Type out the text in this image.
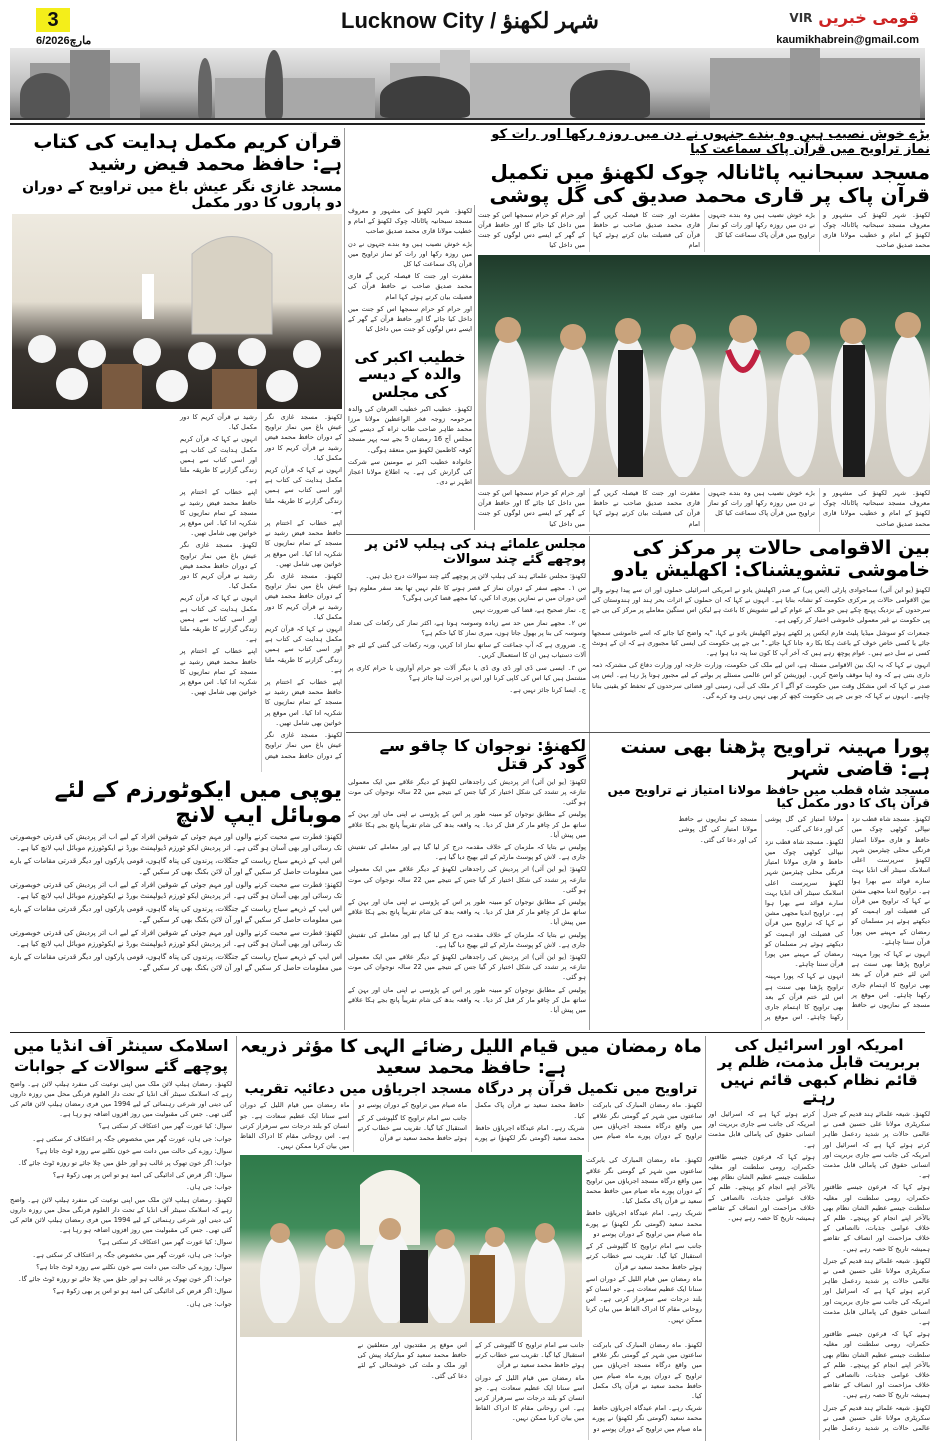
3
6/مارچ2026
Lucknow City / شہر لکھنؤ	VIR قومی خبریں
kaumikhabrein@gmail.com
بڑے خوش نصیب ہیں وہ بندے جنہوں نے دن میں روزہ رکھا اور رات کو نماز تراویح میں قرآن پاک سماعت کیا
مسجد سبحانیہ پاٹانالہ چوک لکھنؤ میں تکمیل قرآن پاک پر قاری محمد صدیق کی گل پوشی

لکھنؤ۔ شہر لکھنؤ کی مشہور و معروف مسجد سبحانیہ پاٹانالہ چوک لکھنؤ کے امام و خطیب مولانا قاری محمد صدیق صاحب

بڑے خوش نصیب ہیں وہ بندے جنہوں نے دن میں روزہ رکھا اور رات کو نماز تراویح میں قرآن پاک سماعت کیا کل

مغفرت اور جنت کا فیصلہ کریں گے قاری محمد صدیق صاحب نے حافظ قرآن کی فضیلت بیان کرتے ہوئے کہا امام

اور حرام کو حرام سمجھا اس کو جنت میں داخل کیا جائے گا اور حافظ قرآن کے گھر کے ایسے دس لوگوں کو جنت میں داخل کیا

لکھنؤ۔ شہر لکھنؤ کی مشہور و معروف مسجد سبحانیہ پاٹانالہ چوک لکھنؤ کے امام و خطیب مولانا قاری محمد صدیق صاحب

بڑے خوش نصیب ہیں وہ بندے جنہوں نے دن میں روزہ رکھا اور رات کو نماز تراویح میں قرآن پاک سماعت کیا کل

مغفرت اور جنت کا فیصلہ کریں گے قاری محمد صدیق صاحب نے حافظ قرآن کی فضیلت بیان کرتے ہوئے کہا امام

اور حرام کو حرام سمجھا اس کو جنت میں داخل کیا جائے گا اور حافظ قرآن کے گھر کے ایسے دس لوگوں کو جنت میں داخل کیا

لکھنؤ۔ شہر لکھنؤ کی مشہور و معروف مسجد سبحانیہ پاٹانالہ چوک لکھنؤ کے امام و خطیب مولانا قاری محمد صدیق صاحب

بڑے خوش نصیب ہیں وہ بندے جنہوں نے دن میں روزہ رکھا اور رات کو نماز تراویح میں قرآن پاک سماعت کیا کل

مغفرت اور جنت کا فیصلہ کریں گے قاری محمد صدیق صاحب نے حافظ قرآن کی فضیلت بیان کرتے ہوئے کہا امام

اور حرام کو حرام سمجھا اس کو جنت میں داخل کیا جائے گا اور حافظ قرآن کے گھر کے ایسے دس لوگوں کو جنت میں داخل کیا

خطیب اکبر کی والدہ کے دیسے کی مجلس

لکھنؤ۔ خطیب اکبر خطیب العرفان کی والدہ مرحومہ زوجہ فخر الواعظین مولانا مرزا محمد طاہر صاحب طاب ثراہ کے دیسے کی مجلس آج 16 رمضان 5 بجے سہ پہر مسجد کوفہ کاظمین لکھنؤ میں منعقد ہوگی۔

خانوادہ خطیب اکبر نے مومنین سے شرکت کی گزارش کی ہے۔ یہ اطلاع مولانا اعجاز اطہر نے دی۔

قرآن کریم مکمل ہدایت کی کتاب ہے: حافظ محمد فیض رشید
مسجد غازی نگر عیش باغ میں تراویح کے دوران دو پاروں کا دور مکمل

لکھنؤ۔ مسجد غازی نگر عیش باغ میں نماز تراویح کے دوران حافظ محمد فیض رشید نے قرآن کریم کا دور مکمل کیا۔

انہوں نے کہا کہ قرآن کریم مکمل ہدایت کی کتاب ہے اور اسی کتاب سے ہمیں زندگی گزارنے کا طریقہ ملتا ہے۔

اپنے خطاب کے اختتام پر حافظ محمد فیض رشید نے مسجد کے تمام نمازیوں کا شکریہ ادا کیا۔ اس موقع پر خواتین بھی شامل تھیں۔

لکھنؤ۔ مسجد غازی نگر عیش باغ میں نماز تراویح کے دوران حافظ محمد فیض رشید نے قرآن کریم کا دور مکمل کیا۔

انہوں نے کہا کہ قرآن کریم مکمل ہدایت کی کتاب ہے اور اسی کتاب سے ہمیں زندگی گزارنے کا طریقہ ملتا ہے۔

اپنے خطاب کے اختتام پر حافظ محمد فیض رشید نے مسجد کے تمام نمازیوں کا شکریہ ادا کیا۔ اس موقع پر خواتین بھی شامل تھیں۔

لکھنؤ۔ مسجد غازی نگر عیش باغ میں نماز تراویح کے دوران حافظ محمد فیض رشید نے قرآن کریم کا دور مکمل کیا۔

انہوں نے کہا کہ قرآن کریم مکمل ہدایت کی کتاب ہے اور اسی کتاب سے ہمیں زندگی گزارنے کا طریقہ ملتا ہے۔

اپنے خطاب کے اختتام پر حافظ محمد فیض رشید نے مسجد کے تمام نمازیوں کا شکریہ ادا کیا۔ اس موقع پر خواتین بھی شامل تھیں۔

لکھنؤ۔ مسجد غازی نگر عیش باغ میں نماز تراویح کے دوران حافظ محمد فیض رشید نے قرآن کریم کا دور مکمل کیا۔

انہوں نے کہا کہ قرآن کریم مکمل ہدایت کی کتاب ہے اور اسی کتاب سے ہمیں زندگی گزارنے کا طریقہ ملتا ہے۔

اپنے خطاب کے اختتام پر حافظ محمد فیض رشید نے مسجد کے تمام نمازیوں کا شکریہ ادا کیا۔ اس موقع پر خواتین بھی شامل تھیں۔

یوپی میں ایکوٹورزم کے لئے موبائل ایپ لانچ

لکھنؤ: فطرت سے محبت کرنے والوں اور مہم جوئی کے شوقین افراد کے لیے اب اتر پردیش کی قدرتی خوبصورتی تک رسائی اور بھی آسان ہو گئی ہے۔ اتر پردیش ایکو ٹورزم ڈیولپمنٹ بورڈ نے ایکوٹورزم موبائل ایپ لانچ کیا ہے۔

اس ایپ کے ذریعے سیاح ریاست کے جنگلات، پرندوں کی پناہ گاہوں، قومی پارکوں اور دیگر قدرتی مقامات کے بارے میں معلومات حاصل کر سکیں گے اور آن لائن بکنگ بھی کر سکیں گے۔

لکھنؤ: فطرت سے محبت کرنے والوں اور مہم جوئی کے شوقین افراد کے لیے اب اتر پردیش کی قدرتی خوبصورتی تک رسائی اور بھی آسان ہو گئی ہے۔ اتر پردیش ایکو ٹورزم ڈیولپمنٹ بورڈ نے ایکوٹورزم موبائل ایپ لانچ کیا ہے۔

اس ایپ کے ذریعے سیاح ریاست کے جنگلات، پرندوں کی پناہ گاہوں، قومی پارکوں اور دیگر قدرتی مقامات کے بارے میں معلومات حاصل کر سکیں گے اور آن لائن بکنگ بھی کر سکیں گے۔

لکھنؤ: فطرت سے محبت کرنے والوں اور مہم جوئی کے شوقین افراد کے لیے اب اتر پردیش کی قدرتی خوبصورتی تک رسائی اور بھی آسان ہو گئی ہے۔ اتر پردیش ایکو ٹورزم ڈیولپمنٹ بورڈ نے ایکوٹورزم موبائل ایپ لانچ کیا ہے۔

اس ایپ کے ذریعے سیاح ریاست کے جنگلات، پرندوں کی پناہ گاہوں، قومی پارکوں اور دیگر قدرتی مقامات کے بارے میں معلومات حاصل کر سکیں گے اور آن لائن بکنگ بھی کر سکیں گے۔

بین الاقوامی حالات پر مرکز کی خاموشی تشویشناک: اکھلیش یادو

لکھنؤ (یو این آئی) سماجوادی پارٹی (ایس پی) کے صدر اکھلیش یادو نے امریکی اسرائیلی حملوں اور ان سے پیدا ہونے والے بین الاقوامی حالات پر مرکزی حکومت کو نشانہ بنایا ہے۔ انہوں نے کہا کہ ان حملوں کے اثرات بحر ہند اور ہندوستان کی سرحدوں کے نزدیک پہنچ چکے ہیں جو ملک کے عوام کے لیے تشویش کا باعث ہے لیکن اس سنگین معاملے پر مرکز کی بی جے پی حکومت نے غیر معمولی خاموشی اختیار کر رکھی ہے۔

جمعرات کو سوشل میڈیا پلیٹ فارم ایکس پر لکھتے ہوئے اکھلیش یادو نے کہا، "یہ واضح کیا جائے کہ اسے خاموشی سمجھا جائے یا کسی خاص خوف کے باعث ہکا بکا رہ جانا کہا جائے۔" بی جے پی حکومت کی ایسی کیا مجبوری ہے کہ ان کے ہونٹ کسی نے سل دیے ہیں۔ عوام پوچھ رہے ہیں کہ آخر آپ کا کون سا پتہ دبا ہوا ہے۔

انہوں نے کہا کہ یہ ایک بین الاقوامی مسئلہ ہے، اس لیے ملک کی حکومت، وزارت خارجہ اور وزارت دفاع کی مشترکہ ذمہ داری بنتی ہے کہ وہ اپنا موقف واضح کریں۔ اپوزیشن کو اس عالمی مسئلے پر بولنے کے لیے مجبور ہونا پڑ رہا ہے۔ ایس پی صدر نے کہا کہ اس مشکل وقت میں حکومت کو آگے آ کر ملک کی آبی، زمینی اور فضائی سرحدوں کے تحفظ کو یقینی بنانا چاہیے۔ انہوں نے کہا کہ جو بی جے پی حکومت کچھ کر بھی نہیں رہی وہ کرے گی۔

مجلس علمائے ہند کی ہیلپ لائن پر پوچھے گئے چند سوالات

لکھنؤ: مجلس علمائے ہند کی ہیلپ لائن پر پوچھے گئے چند سوالات درج ذیل ہیں۔

س ۱۔ مجھے سفر کے دوران نماز کے قصر ہونے کا علم نہیں تھا بعد سفر معلوم ہوا اس دوران میں نے نمازیں پوری ادا کیں، کیا مجھے قضا کرنی ہوگی؟

ج۔ نماز صحیح ہے، قضا کی ضرورت نہیں

س ۲۔ مجھے نماز میں حد سے زیادہ وسوسہ ہوتا ہے، اکثر نماز کی رکعات کی تعداد وسوسہ کی بنا پر بھول جاتا ہوں، میری نماز کا کیا حکم ہے؟

ج۔ ضروری ہے کہ آپ جماعت کے ساتھ نماز ادا کریں، ورنہ رکعات کی گنتی کے لئے جو آلات دستیاب ہیں ان کا استعمال کریں۔

س ۳۔ ایسی سی ڈی اور ڈی وی ڈی یا دیگر آلات جو حرام آوازوں یا حرام کاری پر مشتمل ہیں کیا اس کی کاپی کرنا اور اس پر اجرت لینا جائز ہے؟

ج۔ ایسا کرنا جائز نہیں ہے۔

پورا مہینہ تراویح پڑھنا بھی سنت ہے: قاضی شہر
مسجد شاہ قطب میں حافظ مولانا امتیاز نے تراویح میں قرآن پاک کا دور مکمل کیا

لکھنؤ۔ مسجد شاہ قطب نزد نیپالی کوٹھی چوک میں حافظ و قاری مولانا امتیاز فرنگی محلی چیئرمین شہر لکھنؤ سرپرست اعلی اسلامک سینٹر آف انڈیا بہت سارے فوائد سے بھرا ہوا ہے۔ تراویح اندیا مجھی مشن نے کہا کہ تراویح میں قرآن کی فضیلت اور اہمیت کو دیکھتے ہوئے ہر مسلمان کو رمضان کے مہینے میں پورا قرآن سننا چاہئے۔

انہوں نے کہا کہ پورا مہینہ تراویح پڑھنا بھی سنت ہے اس لئے ختم قرآن کے بعد بھی تراویح کا اہتمام جاری رکھنا چاہئے۔ اس موقع پر مسجد کے نمازیوں نے حافظ مولانا امتیاز کی گل پوشی کی اور دعا کی گئی۔

لکھنؤ۔ مسجد شاہ قطب نزد نیپالی کوٹھی چوک میں حافظ و قاری مولانا امتیاز فرنگی محلی چیئرمین شہر لکھنؤ سرپرست اعلی اسلامک سینٹر آف انڈیا بہت سارے فوائد سے بھرا ہوا ہے۔ تراویح اندیا مجھی مشن نے کہا کہ تراویح میں قرآن کی فضیلت اور اہمیت کو دیکھتے ہوئے ہر مسلمان کو رمضان کے مہینے میں پورا قرآن سننا چاہئے۔

انہوں نے کہا کہ پورا مہینہ تراویح پڑھنا بھی سنت ہے اس لئے ختم قرآن کے بعد بھی تراویح کا اہتمام جاری رکھنا چاہئے۔ اس موقع پر مسجد کے نمازیوں نے حافظ مولانا امتیاز کی گل پوشی کی اور دعا کی گئی۔

لکھنؤ: نوجوان کا چاقو سے گود کر قتل

لکھنؤ: (یو این آئی) اتر پردیش کی راجدھانی لکھنؤ کے دیگر علاقے میں ایک معمولی تنازعہ پر تشدد کی شکل اختیار کر گیا جس کے نتیجے میں 22 سالہ نوجوان کی موت ہو گئی۔

پولیس کے مطابق نوجوان کو مبینہ طور پر اس کے پڑوسی نے اپنی ماں اور بہن کے ساتھ مل کر چاقو مار کر قتل کر دیا۔ یہ واقعہ بدھ کی شام تقریباً پانچ بجے ہکا علاقے میں پیش آیا۔

پولیس نے بتایا کہ ملزمان کے خلاف مقدمہ درج کر لیا گیا ہے اور معاملے کی تفتیش جاری ہے۔ لاش کو پوسٹ مارٹم کے لئے بھیج دیا گیا ہے۔

لکھنؤ: (یو این آئی) اتر پردیش کی راجدھانی لکھنؤ کے دیگر علاقے میں ایک معمولی تنازعہ پر تشدد کی شکل اختیار کر گیا جس کے نتیجے میں 22 سالہ نوجوان کی موت ہو گئی۔

پولیس کے مطابق نوجوان کو مبینہ طور پر اس کے پڑوسی نے اپنی ماں اور بہن کے ساتھ مل کر چاقو مار کر قتل کر دیا۔ یہ واقعہ بدھ کی شام تقریباً پانچ بجے ہکا علاقے میں پیش آیا۔

پولیس نے بتایا کہ ملزمان کے خلاف مقدمہ درج کر لیا گیا ہے اور معاملے کی تفتیش جاری ہے۔ لاش کو پوسٹ مارٹم کے لئے بھیج دیا گیا ہے۔

لکھنؤ: (یو این آئی) اتر پردیش کی راجدھانی لکھنؤ کے دیگر علاقے میں ایک معمولی تنازعہ پر تشدد کی شکل اختیار کر گیا جس کے نتیجے میں 22 سالہ نوجوان کی موت ہو گئی۔

پولیس کے مطابق نوجوان کو مبینہ طور پر اس کے پڑوسی نے اپنی ماں اور بہن کے ساتھ مل کر چاقو مار کر قتل کر دیا۔ یہ واقعہ بدھ کی شام تقریباً پانچ بجے ہکا علاقے میں پیش آیا۔

امریکہ اور اسرائیل کی بربریت قابل مذمت، ظلم پر قائم نظام کبھی قائم نہیں رہتے

لکھنؤ۔ شیعہ علمائے ہند قدیم کے جنرل سکریٹری مولانا علی حسین قمی نے عالمی حالات پر شدید ردعمل ظاہر کرتے ہوئے کہا ہے کہ اسرائیل اور امریکہ کی جانب سے جاری بربریت اور انسانی حقوق کی پامالی قابل مذمت ہے۔

ہوئے کہا کہ فرعون جیسے طاقتور حکمران، رومی سلطنت اور مغلیہ سلطنت جیسے عظیم الشان نظام بھی بالآخر اپنے انجام کو پہنچے۔ ظلم کے خلاف عوامی جذبات، ناانصافی کے خلاف مزاحمت اور انصاف کے تقاضے ہمیشہ تاریخ کا حصہ رہے ہیں۔

لکھنؤ۔ شیعہ علمائے ہند قدیم کے جنرل سکریٹری مولانا علی حسین قمی نے عالمی حالات پر شدید ردعمل ظاہر کرتے ہوئے کہا ہے کہ اسرائیل اور امریکہ کی جانب سے جاری بربریت اور انسانی حقوق کی پامالی قابل مذمت ہے۔

ہوئے کہا کہ فرعون جیسے طاقتور حکمران، رومی سلطنت اور مغلیہ سلطنت جیسے عظیم الشان نظام بھی بالآخر اپنے انجام کو پہنچے۔ ظلم کے خلاف عوامی جذبات، ناانصافی کے خلاف مزاحمت اور انصاف کے تقاضے ہمیشہ تاریخ کا حصہ رہے ہیں۔

لکھنؤ۔ شیعہ علمائے ہند قدیم کے جنرل سکریٹری مولانا علی حسین قمی نے عالمی حالات پر شدید ردعمل ظاہر کرتے ہوئے کہا ہے کہ اسرائیل اور امریکہ کی جانب سے جاری بربریت اور انسانی حقوق کی پامالی قابل مذمت ہے۔

ہوئے کہا کہ فرعون جیسے طاقتور حکمران، رومی سلطنت اور مغلیہ سلطنت جیسے عظیم الشان نظام بھی بالآخر اپنے انجام کو پہنچے۔ ظلم کے خلاف عوامی جذبات، ناانصافی کے خلاف مزاحمت اور انصاف کے تقاضے ہمیشہ تاریخ کا حصہ رہے ہیں۔

ماہ رمضان میں قیام اللیل رضائے الٰہی کا مؤثر ذریعہ ہے: حافظ محمد سعید
تراویح میں تکمیل قرآن پر درگاہ مسجد اجریاؤں میں دعائیہ تقریب

لکھنؤ۔ ماہ رمضان المبارک کی بابرکت ساعتوں میں شہر کے گومتی نگر علاقے میں واقع درگاہ مسجد اجریاؤں میں تراویح کے دوران پورے ماہ صیام میں حافظ محمد سعید نے قرآن پاک مکمل کیا۔

شریک رہے۔ امام عیدگاہ اجریاؤں حافظ محمد سعید (گومتی نگر لکھنؤ) نے پورے ماہ صیام میں تراویح کے دوران پوسے دو

جانب سے امام تراویح کا گلپوشی کر کے استقبال کیا گیا۔ تقریب سے خطاب کرتے ہوئے حافظ محمد سعید نے قرآن

ماہ رمضان میں قیام اللیل کے دوران اسے سنانا ایک عظیم سعادت ہے۔ جو انسان کو بلند درجات سے سرفراز کرتی ہے۔ اس روحانی مقام کا ادراک الفاظ میں بیان کرنا ممکن نہیں۔

لکھنؤ۔ ماہ رمضان المبارک کی بابرکت ساعتوں میں شہر کے گومتی نگر علاقے میں واقع درگاہ مسجد اجریاؤں میں تراویح کے دوران پورے ماہ صیام میں حافظ محمد سعید نے قرآن پاک مکمل کیا۔

شریک رہے۔ امام عیدگاہ اجریاؤں حافظ محمد سعید (گومتی نگر لکھنؤ) نے پورے ماہ صیام میں تراویح کے دوران پوسے دو

جانب سے امام تراویح کا گلپوشی کر کے استقبال کیا گیا۔ تقریب سے خطاب کرتے ہوئے حافظ محمد سعید نے قرآن

ماہ رمضان میں قیام اللیل کے دوران اسے سنانا ایک عظیم سعادت ہے۔ جو انسان کو بلند درجات سے سرفراز کرتی ہے۔ اس روحانی مقام کا ادراک الفاظ میں بیان کرنا ممکن نہیں۔

لکھنؤ۔ ماہ رمضان المبارک کی بابرکت ساعتوں میں شہر کے گومتی نگر علاقے میں واقع درگاہ مسجد اجریاؤں میں تراویح کے دوران پورے ماہ صیام میں حافظ محمد سعید نے قرآن پاک مکمل کیا۔

شریک رہے۔ امام عیدگاہ اجریاؤں حافظ محمد سعید (گومتی نگر لکھنؤ) نے پورے ماہ صیام میں تراویح کے دوران پوسے دو

جانب سے امام تراویح کا گلپوشی کر کے استقبال کیا گیا۔ تقریب سے خطاب کرتے ہوئے حافظ محمد سعید نے قرآن

ماہ رمضان میں قیام اللیل کے دوران اسے سنانا ایک عظیم سعادت ہے۔ جو انسان کو بلند درجات سے سرفراز کرتی ہے۔ اس روحانی مقام کا ادراک الفاظ میں بیان کرنا ممکن نہیں۔

اس موقع پر مقتدیوں اور متعلقین نے حافظ محمد سعید کو مبارکباد پیش کی اور ملک و ملت کی خوشحالی کے لئے دعا کی گئی۔

اسلامک سینٹر آف انڈیا میں
پوچھے گئے سوالات کے جوابات

لکھنؤ۔ رمضان ہیلپ لائن ملک میں اپنی نوعیت کی منفرد ہیلپ لائن ہے۔ واضح رہے کہ اسلامک سینٹر آف انڈیا کے تحت دار العلوم فرنگی محل میں روزہ داروں کی دینی اور شرعی رہنمائی کے لیے 1994 میں فری رمضان ہیلپ لائن قائم کی گئی تھی۔ جس کی مقبولیت میں روز افزوں اضافہ ہو رہا ہے۔

سوال: کیا عورت گھر میں اعتکاف کر سکتی ہے؟

جواب: جی ہاں، عورت گھر میں مخصوص جگہ پر اعتکاف کر سکتی ہے۔

سوال: روزے کی حالت میں دانت سے خون نکلنے سے روزہ ٹوٹ جاتا ہے؟

جواب: اگر خون تھوک پر غالب ہو اور حلق میں چلا جائے تو روزہ ٹوٹ جائے گا۔

سوال: اگر قرض کی ادائیگی کی امید ہو تو اس پر بھی زکوۃ ہے؟

جواب: جی ہاں۔

لکھنؤ۔ رمضان ہیلپ لائن ملک میں اپنی نوعیت کی منفرد ہیلپ لائن ہے۔ واضح رہے کہ اسلامک سینٹر آف انڈیا کے تحت دار العلوم فرنگی محل میں روزہ داروں کی دینی اور شرعی رہنمائی کے لیے 1994 میں فری رمضان ہیلپ لائن قائم کی گئی تھی۔ جس کی مقبولیت میں روز افزوں اضافہ ہو رہا ہے۔

سوال: کیا عورت گھر میں اعتکاف کر سکتی ہے؟

جواب: جی ہاں، عورت گھر میں مخصوص جگہ پر اعتکاف کر سکتی ہے۔

سوال: روزے کی حالت میں دانت سے خون نکلنے سے روزہ ٹوٹ جاتا ہے؟

جواب: اگر خون تھوک پر غالب ہو اور حلق میں چلا جائے تو روزہ ٹوٹ جائے گا۔

سوال: اگر قرض کی ادائیگی کی امید ہو تو اس پر بھی زکوۃ ہے؟

جواب: جی ہاں۔
